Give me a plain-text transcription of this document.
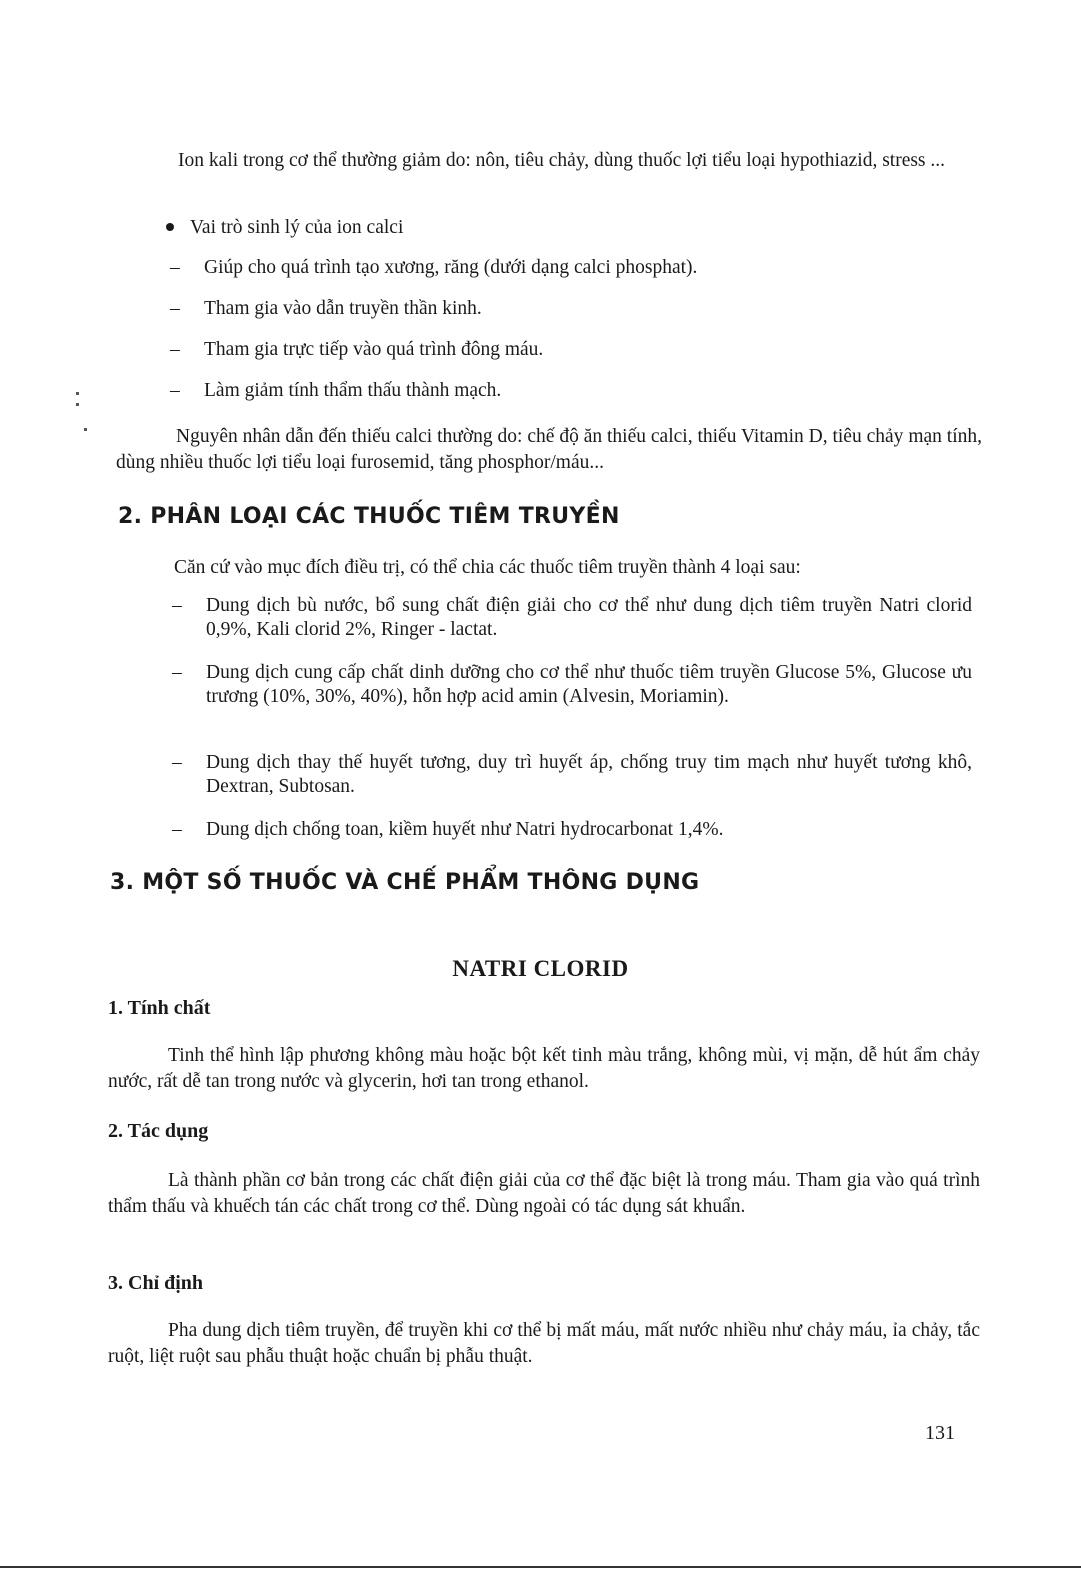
Ion kali trong cơ thể thường giảm do: nôn, tiêu chảy, dùng thuốc lợi tiểu loại hypothiazid, stress ...
Vai trò sinh lý của ion calci
–	Giúp cho quá trình tạo xương, răng (dưới dạng calci phosphat).
–	Tham gia vào dẫn truyền thần kinh.
–	Tham gia trực tiếp vào quá trình đông máu.
–	Làm giảm tính thẩm thấu thành mạch.
Nguyên nhân dẫn đến thiếu calci thường do: chế độ ăn thiếu calci, thiếu Vitamin D, tiêu chảy mạn tính, dùng nhiều thuốc lợi tiểu loại furosemid, tăng phosphor/máu...
2. PHÂN LOẠI CÁC THUỐC TIÊM TRUYỀN
Căn cứ vào mục đích điều trị, có thể chia các thuốc tiêm truyền thành 4 loại sau:
–	Dung dịch bù nước, bổ sung chất điện giải cho cơ thể như dung dịch tiêm truyền Natri clorid 0,9%, Kali clorid 2%, Ringer - lactat.
–	Dung dịch cung cấp chất dinh dưỡng cho cơ thể như thuốc tiêm truyền Glucose 5%, Glucose ưu trương (10%, 30%, 40%), hỗn hợp acid amin (Alvesin, Moriamin).
–	Dung dịch thay thế huyết tương, duy trì huyết áp, chống truy tim mạch như huyết tương khô, Dextran, Subtosan.
–	Dung dịch chống toan, kiềm huyết như Natri hydrocarbonat 1,4%.
3. MỘT SỐ THUỐC VÀ CHẾ PHẨM THÔNG DỤNG
NATRI CLORID
1. Tính chất
Tinh thể hình lập phương không màu hoặc bột kết tinh màu trắng, không mùi, vị mặn, dễ hút ẩm chảy nước, rất dễ tan trong nước và glycerin, hơi tan trong ethanol.
2. Tác dụng
Là thành phần cơ bản trong các chất điện giải của cơ thể đặc biệt là trong máu. Tham gia vào quá trình thẩm thấu và khuếch tán các chất trong cơ thể. Dùng ngoài có tác dụng sát khuẩn.
3. Chỉ định
Pha dung dịch tiêm truyền, để truyền khi cơ thể bị mất máu, mất nước nhiều như chảy máu, ỉa chảy, tắc ruột, liệt ruột sau phẫu thuật hoặc chuẩn bị phẫu thuật.
131
